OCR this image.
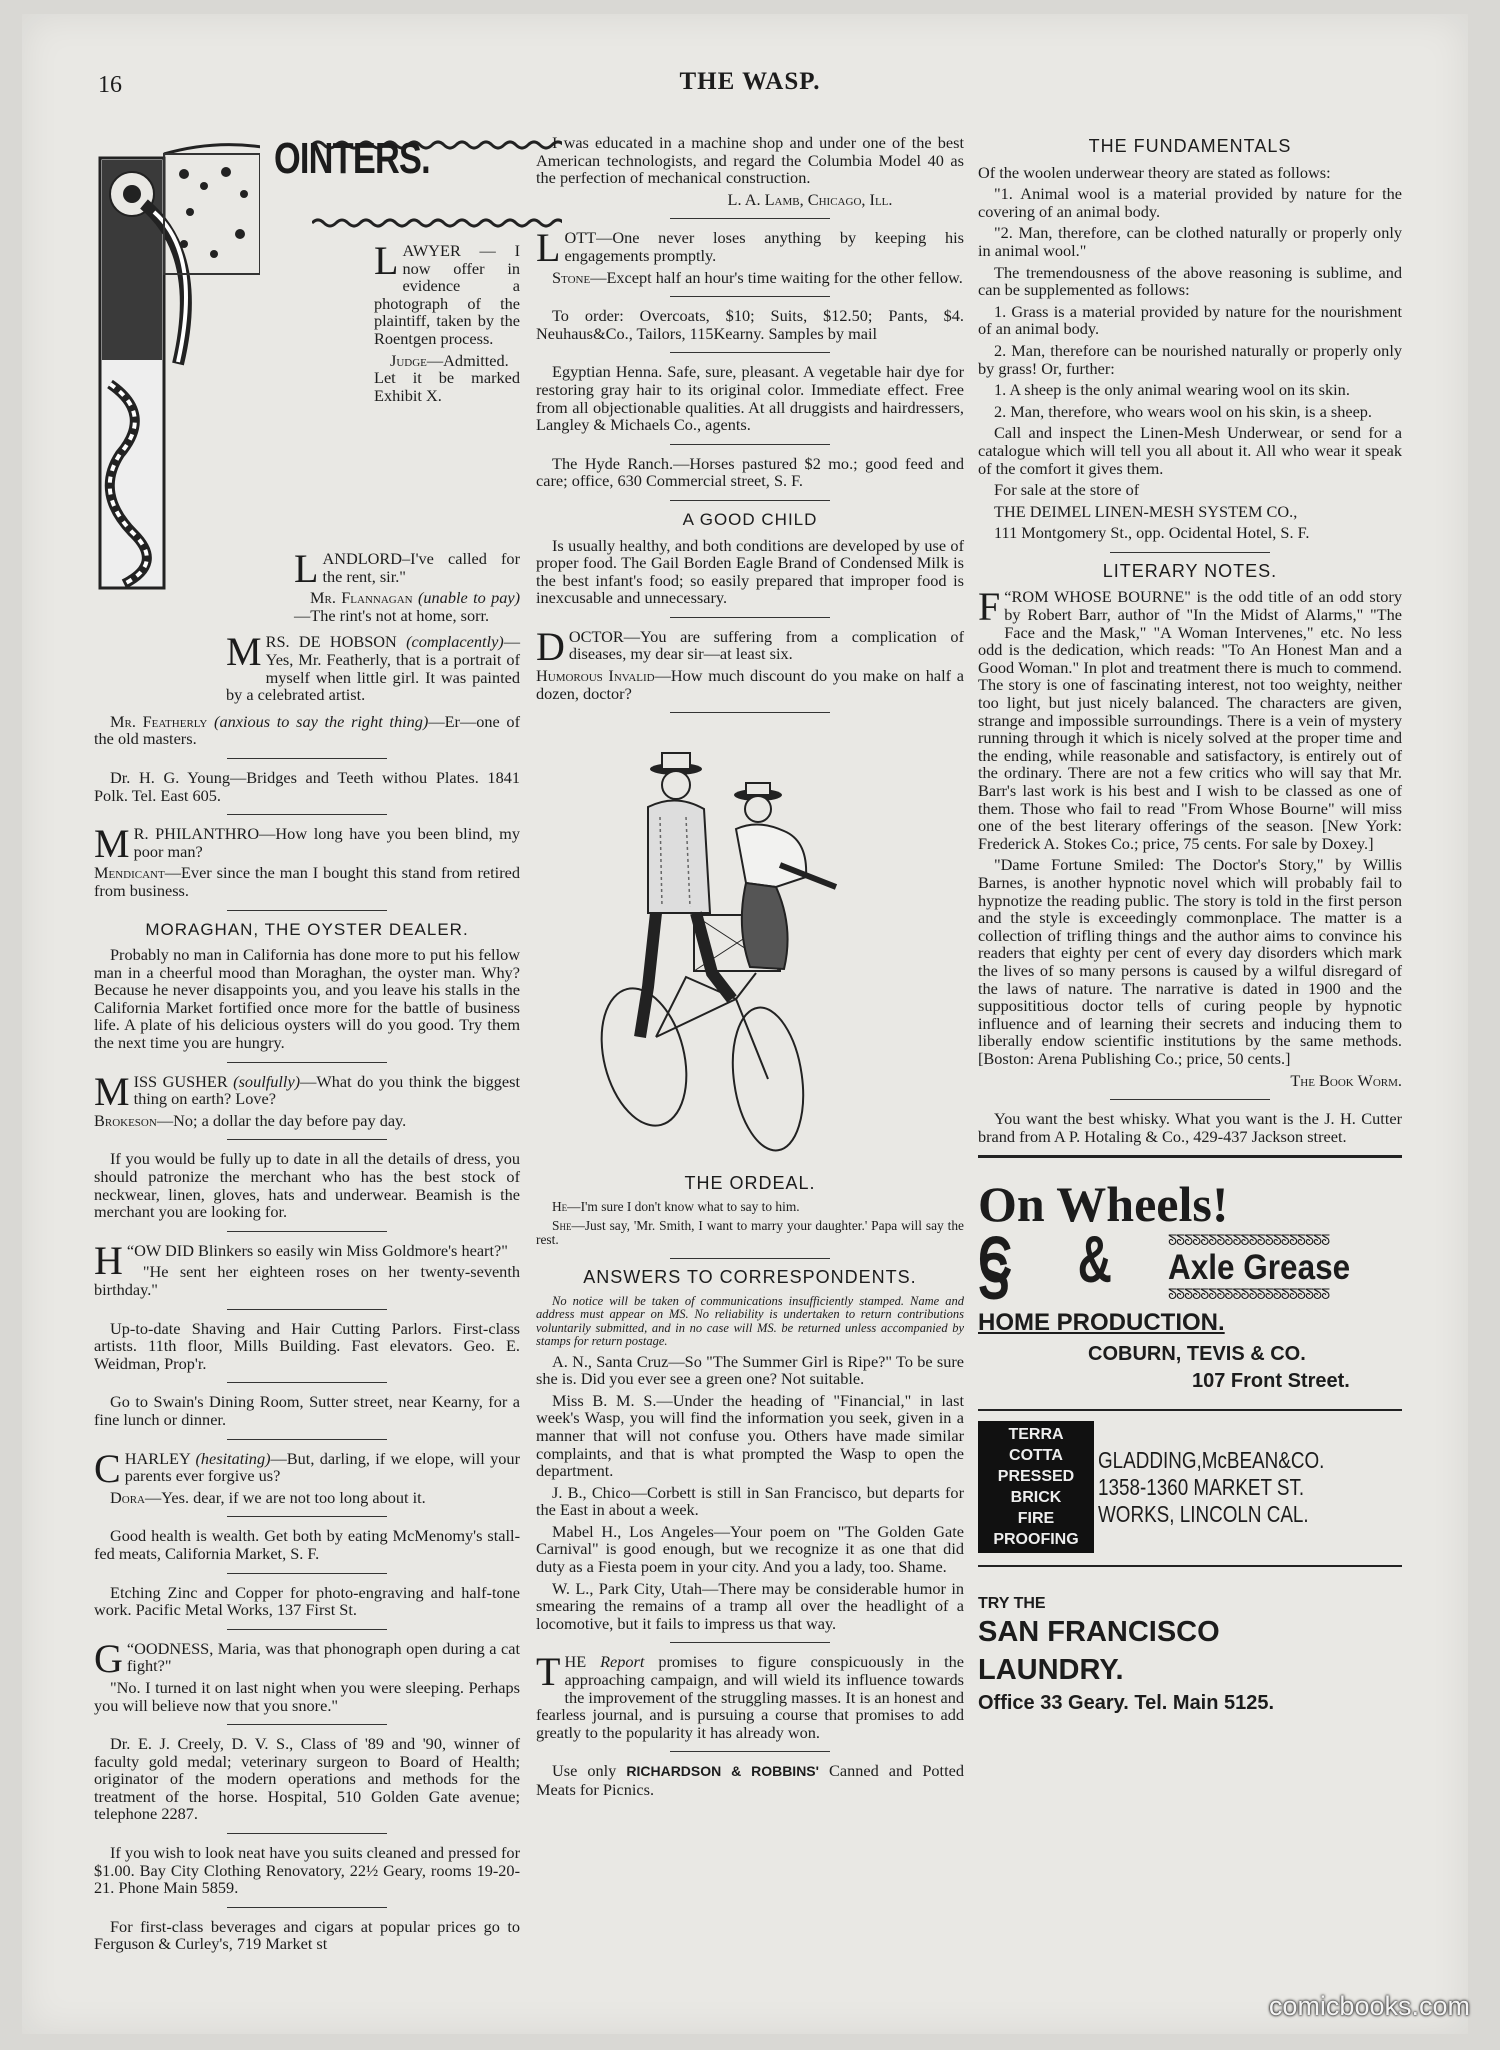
16	THE WASP.
OINTERS.

LAWYER — I now offer in evidence a photograph of the plaintiff, taken by the Roentgen process.

Judge—Admitted. Let it be marked Exhibit X.

LANDLORD–I've called for the rent, sir."

Mr. Flannagan (unable to pay)—The rint's not at home, sorr.

MRS. DE HOBSON (complacently)—Yes, Mr. Featherly, that is a portrait of myself when little girl. It was painted by a celebrated artist.

Mr. Featherly (anxious to say the right thing)—Er—one of the old masters.

Dr. H. G. Young—Bridges and Teeth withou Plates. 1841 Polk. Tel. East 605.

M R. PHILANTHRO—How long have you been blind, my poor man?

Mendicant—Ever since the man I bought this stand from retired from business.

MORAGHAN, THE OYSTER DEALER.

Probably no man in California has done more to put his fellow man in a cheerful mood than Moraghan, the oyster man. Why? Because he never disappoints you, and you leave his stalls in the California Market fortified once more for the battle of business life. A plate of his delicious oysters will do you good. Try them the next time you are hungry.

MISS GUSHER (soulfully)—What do you think the biggest thing on earth? Love?

Brokeson—No; a dollar the day before pay day.

If you would be fully up to date in all the details of dress, you should patronize the merchant who has the best stock of neckwear, linen, gloves, hats and underwear. Beamish is the merchant you are looking for.

“
H OW DID Blinkers so easily win Miss Goldmore's heart?"

"He sent her eighteen roses on her twenty-seventh birthday."

Up-to-date Shaving and Hair Cutting Parlors. First-class artists. 11th floor, Mills Building. Fast elevators. Geo. E. Weidman, Prop'r.

Go to Swain's Dining Room, Sutter street, near Kearny, for a fine lunch or dinner.

CHARLEY (hesitating)—But, darling, if we elope, will your parents ever forgive us?

Dora—Yes. dear, if we are not too long about it.

Good health is wealth. Get both by eating McMenomy's stall-fed meats, California Market, S. F.

Etching Zinc and Copper for photo-engraving and half-tone work. Pacific Metal Works, 137 First St.

“
G OODNESS, Maria, was that phonograph open during a cat fight?"

"No. I turned it on last night when you were sleeping. Perhaps you will believe now that you snore."

Dr. E. J. Creely, D. V. S., Class of '89 and '90, winner of faculty gold medal; veterinary surgeon to Board of Health; originator of the modern operations and methods for the treatment of the horse. Hospital, 510 Golden Gate avenue; telephone 2287.

If you wish to look neat have you suits cleaned and pressed for $1.00. Bay City Clothing Renovatory, 22½ Geary, rooms 19-20-21. Phone Main 5859.

For first-class beverages and cigars at popular prices go to Ferguson & Curley's, 719 Market st

I was educated in a machine shop and under one of the best American technologists, and regard the Columbia Model 40 as the perfection of mechanical construction.

L. A. Lamb, Chicago, Ill.

LOTT—One never loses anything by keeping his engagements promptly.

Stone—Except half an hour's time waiting for the other fellow.

To order: Overcoats, $10; Suits, $12.50; Pants, $4. Neuhaus&Co., Tailors, 115Kearny. Samples by mail

Egyptian Henna. Safe, sure, pleasant. A vegetable hair dye for restoring gray hair to its original color. Immediate effect. Free from all objectionable qualities. At all druggists and hairdressers, Langley & Michaels Co., agents.

The Hyde Ranch.—Horses pastured $2 mo.; good feed and care; office, 630 Commercial street, S. F.

A GOOD CHILD

Is usually healthy, and both conditions are developed by use of proper food. The Gail Borden Eagle Brand of Condensed Milk is the best infant's food; so easily prepared that improper food is inexcusable and unnecessary.

DOCTOR—You are suffering from a complication of diseases, my dear sir—at least six.

Humorous Invalid—How much discount do you make on half a dozen, doctor?

THE ORDEAL.

He—I'm sure I don't know what to say to him.

She—Just say, 'Mr. Smith, I want to marry your daughter.' Papa will say the rest.

ANSWERS TO CORRESPONDENTS.

No notice will be taken of communications insufficiently stamped. Name and address must appear on MS. No reliability is undertaken to return contributions voluntarily submitted, and in no case will MS. be returned unless accompanied by stamps for return postage.

A. N., Santa Cruz—So "The Summer Girl is Ripe?" To be sure she is. Did you ever see a green one? Not suitable.

Miss B. M. S.—Under the heading of "Financial," in last week's Wasp, you will find the information you seek, given in a manner that will not confuse you. Others have made similar complaints, and that is what prompted the Wasp to open the department.

J. B., Chico—Corbett is still in San Francisco, but departs for the East in about a week.

Mabel H., Los Angeles—Your poem on "The Golden Gate Carnival" is good enough, but we recognize it as one that did duty as a Fiesta poem in your city. And you a lady, too. Shame.

W. L., Park City, Utah—There may be considerable humor in smearing the remains of a tramp all over the headlight of a locomotive, but it fails to impress us that way.

THE Report promises to figure conspicuously in the approaching campaign, and will wield its influence towards the improvement of the struggling masses. It is an honest and fearless journal, and is pursuing a course that promises to add greatly to the popularity it has already won.

Use only RICHARDSON & ROBBINS' Canned and Potted Meats for Picnics.

THE FUNDAMENTALS

Of the woolen underwear theory are stated as follows:

"1. Animal wool is a material provided by nature for the covering of an animal body.

"2. Man, therefore, can be clothed naturally or properly only in animal wool."

The tremendousness of the above reasoning is sublime, and can be supplemented as follows:

1. Grass is a material provided by nature for the nourishment of an animal body.

2. Man, therefore can be nourished naturally or properly only by grass! Or, further:

1. A sheep is the only animal wearing wool on its skin.

2. Man, therefore, who wears wool on his skin, is a sheep.

Call and inspect the Linen-Mesh Underwear, or send for a catalogue which will tell you all about it. All who wear it speak of the comfort it gives them.

For sale at the store of

THE DEIMEL LINEN-MESH SYSTEM CO.,

111 Montgomery St., opp. Ocidental Hotel, S. F.

LITERARY NOTES.

“
F ROM WHOSE BOURNE" is the odd title of an odd story by Robert Barr, author of "In the Midst of Alarms," "The Face and the Mask," "A Woman Intervenes," etc. No less odd is the dedication, which reads: "To An Honest Man and a Good Woman." In plot and treatment there is much to commend. The story is one of fascinating interest, not too weighty, neither too light, but just nicely balanced. The characters are given, strange and impossible surroundings. There is a vein of mystery running through it which is nicely solved at the proper time and the ending, while reasonable and satisfactory, is entirely out of the ordinary. There are not a few critics who will say that Mr. Barr's last work is his best and I wish to be classed as one of them. Those who fail to read "From Whose Bourne" will miss one of the best literary offerings of the season. [New York: Frederick A. Stokes Co.; price, 75 cents. For sale by Doxey.]

"Dame Fortune Smiled: The Doctor's Story," by Willis Barnes, is another hypnotic novel which will probably fail to hypnotize the reading public. The story is told in the first person and the style is exceedingly commonplace. The matter is a collection of trifling things and the author aims to convince his readers that eighty per cent of every day disorders which mark the lives of so many persons is caused by a wilful disregard of the laws of nature. The narrative is dated in 1900 and the supposititious doctor tells of curing people by hypnotic influence and of learning their secrets and inducing them to liberally endow scientific institutions by the same methods. [Boston: Arena Publishing Co.; price, 50 cents.]

The Book Worm.

You want the best whisky. What you want is the J. H. Cutter brand from A P. Hotaling & Co., 429-437 Jackson street.

On Wheels!
C & S	ᘕᘕᘕᘕᘕᘕᘕᘕᘕᘕᘕᘕᘕᘕᘕᘕᘕᘕᘕᘕ
Axle Grease
ᘕᘕᘕᘕᘕᘕᘕᘕᘕᘕᘕᘕᘕᘕᘕᘕᘕᘕᘕᘕ
HOME PRODUCTION.
COBURN, TEVIS & CO.
107 Front Street.
TERRA COTTA
PRESSED BRICK
FIRE PROOFING
GLADDING,McBEAN&CO.
1358-1360 MARKET ST.
WORKS, LINCOLN CAL.
TRY THE
SAN FRANCISCO
LAUNDRY.
Office 33 Geary. Tel. Main 5125.
comicbooks.com
